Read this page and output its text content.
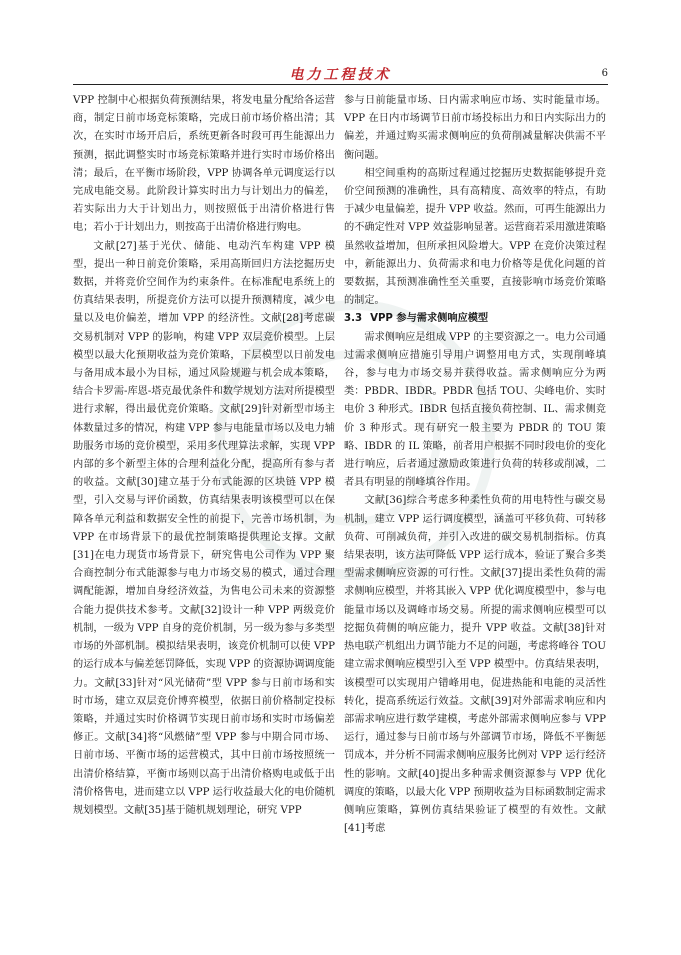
电力工程技术	6

VPP 控制中心根据负荷预测结果，将发电量分配给各运营商，制定日前市场竞标策略，完成日前市场价格出清；其次，在实时市场开启后，系统更新各时段可再生能源出力预测，据此调整实时市场竞标策略并进行实时市场价格出清；最后，在平衡市场阶段，VPP 协调各单元调度运行以完成电能交易。此阶段计算实时出力与计划出力的偏差，若实际出力大于计划出力，则按照低于出清价格进行售电；若小于计划出力，则按高于出清价格进行购电。

文献[27]基于光伏、储能、电动汽车构建 VPP 模型，提出一种日前竞价策略，采用高斯回归方法挖掘历史数据，并将竞价空间作为约束条件。在标准配电系统上的仿真结果表明，所提竞价方法可以提升预测精度，减少电量以及电价偏差，增加 VPP 的经济性。文献[28]考虑碳交易机制对 VPP 的影响，构建 VPP 双层竞价模型。上层模型以最大化预期收益为竞价策略，下层模型以日前发电与备用成本最小为目标，通过风险规避与机会成本策略，结合卡罗需-库恩-塔克最优条件和数学规划方法对所提模型进行求解，得出最优竞价策略。文献[29]针对新型市场主体数量过多的情况，构建 VPP 参与电能量市场以及电力辅助服务市场的竞价模型，采用多代理算法求解，实现 VPP 内部的多个新型主体的合理利益化分配，提高所有参与者的收益。文献[30]建立基于分布式能源的区块链 VPP 模型，引入交易与评价函数，仿真结果表明该模型可以在保障各单元利益和数据安全性的前提下，完善市场机制，为 VPP 在市场背景下的最优控制策略提供理论支撑。文献[31]在电力现货市场背景下，研究售电公司作为 VPP 聚合商控制分布式能源参与电力市场交易的模式，通过合理调配能源，增加自身经济效益，为售电公司未来的资源整合能力提供技术参考。文献[32]设计一种 VPP 两级竞价机制，一级为 VPP 自身的竞价机制，另一级为参与多类型市场的外部机制。模拟结果表明，该竞价机制可以使 VPP 的运行成本与偏差惩罚降低，实现 VPP 的资源协调调度能力。文献[33]针对“风光储荷”型 VPP 参与日前市场和实时市场，建立双层竞价博弈模型，依据日前价格制定投标策略，并通过实时价格调节实现日前市场和实时市场偏差修正。文献[34]将“风燃储”型 VPP 参与中期合同市场、日前市场、平衡市场的运营模式，其中日前市场按照统一出清价格结算，平衡市场则以高于出清价格购电或低于出清价格售电，进而建立以 VPP 运行收益最大化的电价随机规划模型。文献[35]基于随机规划理论，研究 VPP

参与日前能量市场、日内需求响应市场、实时能量市场。VPP 在日内市场调节日前市场投标出力和日内实际出力的偏差，并通过购买需求侧响应的负荷削减量解决供需不平衡问题。

相空间重构的高斯过程通过挖掘历史数据能够提升竞价空间预测的准确性，具有高精度、高效率的特点，有助于减少电量偏差，提升 VPP 收益。然而，可再生能源出力的不确定性对 VPP 效益影响显著。运营商若采用激进策略虽然收益增加，但所承担风险增大。VPP 在竞价决策过程中，新能源出力、负荷需求和电力价格等是优化问题的首要数据，其预测准确性至关重要，直接影响市场竞价策略的制定。

3.3 VPP 参与需求侧响应模型

需求侧响应是组成 VPP 的主要资源之一。电力公司通过需求侧响应措施引导用户调整用电方式，实现削峰填谷，参与电力市场交易并获得收益。需求侧响应分为两类：PBDR、IBDR。PBDR 包括 TOU、尖峰电价、实时电价 3 种形式。IBDR 包括直接负荷控制、IL、需求侧竞价 3 种形式。现有研究一般主要为 PBDR 的 TOU 策略、IBDR 的 IL 策略，前者用户根据不同时段电价的变化进行响应，后者通过激励政策进行负荷的转移或削减，二者具有明显的削峰填谷作用。

文献[36]综合考虑多种柔性负荷的用电特性与碳交易机制，建立 VPP 运行调度模型，涵盖可平移负荷、可转移负荷、可削减负荷，并引入改进的碳交易机制指标。仿真结果表明，该方法可降低 VPP 运行成本，验证了聚合多类型需求侧响应资源的可行性。文献[37]提出柔性负荷的需求侧响应模型，并将其嵌入 VPP 优化调度模型中，参与电能量市场以及调峰市场交易。所提的需求侧响应模型可以挖掘负荷侧的响应能力，提升 VPP 收益。文献[38]针对热电联产机组出力调节能力不足的问题，考虑将峰谷 TOU 建立需求侧响应模型引入至 VPP 模型中。仿真结果表明，该模型可以实现用户错峰用电，促进热能和电能的灵活性转化，提高系统运行效益。文献[39]对外部需求响应和内部需求响应进行数学建模，考虑外部需求侧响应参与 VPP 运行，通过参与日前市场与外部调节市场，降低不平衡惩罚成本，并分析不同需求侧响应服务比例对 VPP 运行经济性的影响。文献[40]提出多种需求侧资源参与 VPP 优化调度的策略，以最大化 VPP 预期收益为目标函数制定需求侧响应策略，算例仿真结果验证了模型的有效性。文献[41]考虑
